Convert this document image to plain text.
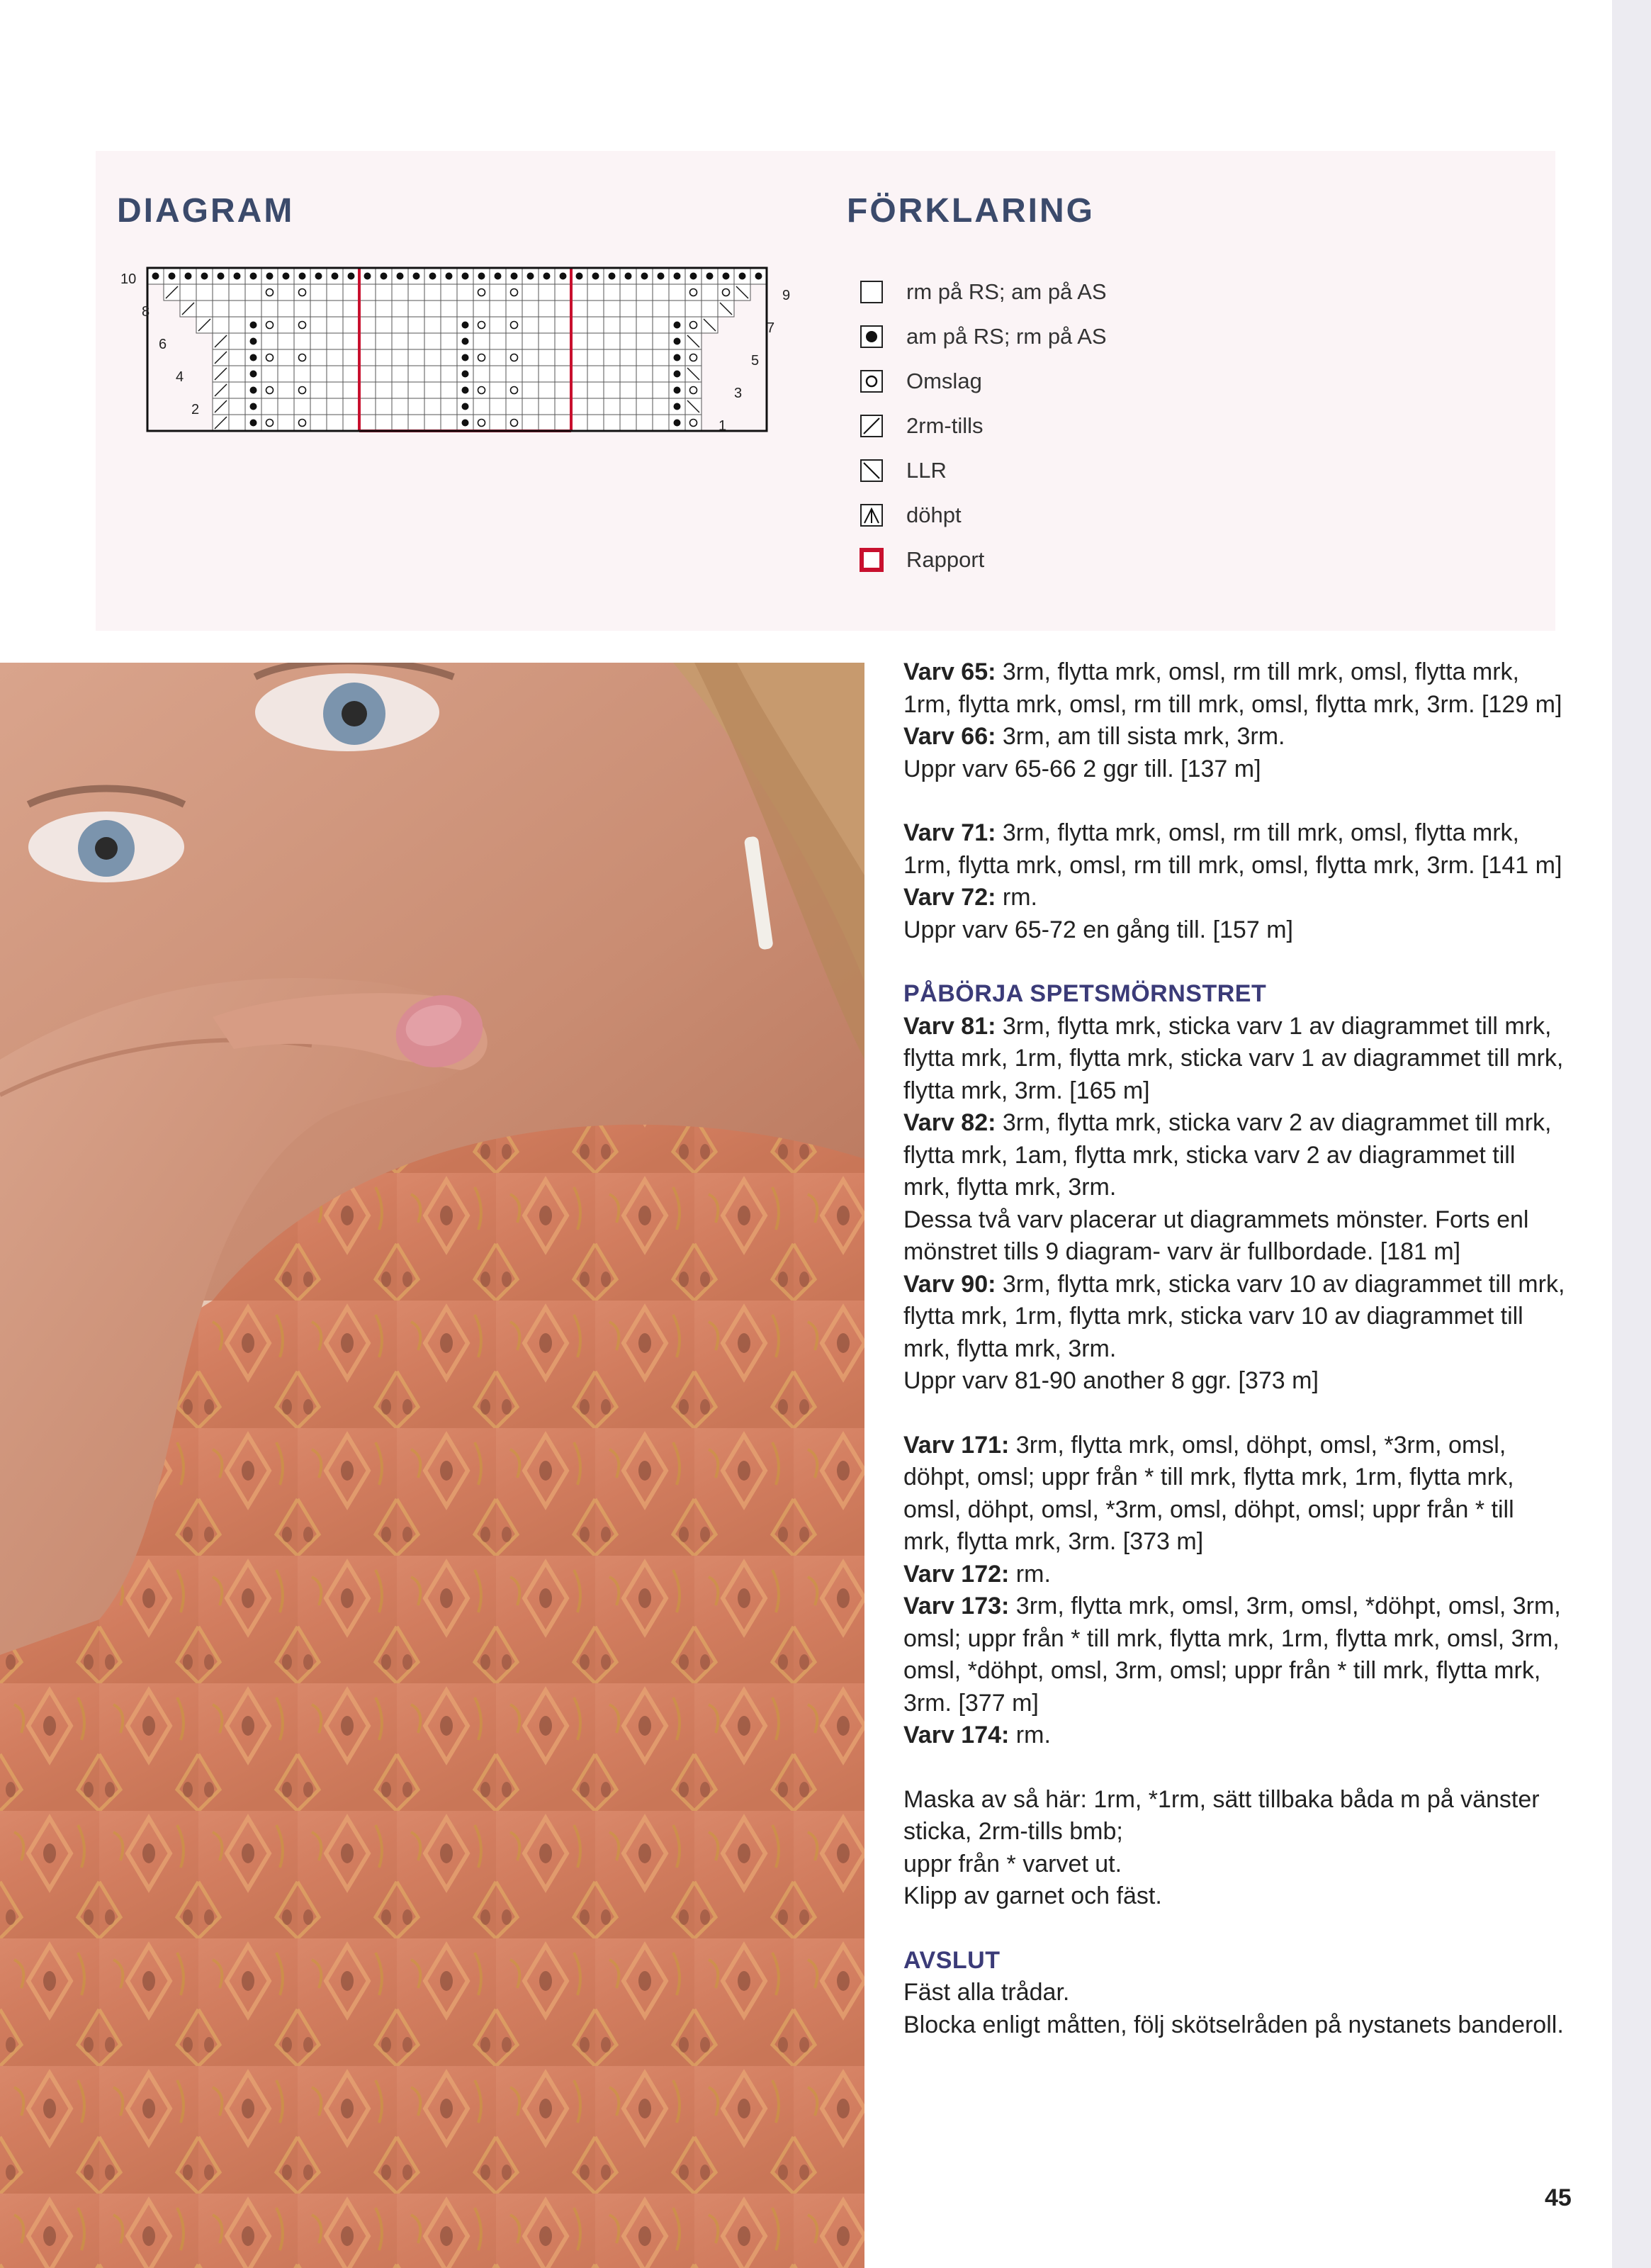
DIAGRAM	FÖRKLARING
10
8
6
4
2
9
7
5
3
1
rm på RS; am på AS
am på RS; rm på AS
Omslag
2rm-tills
LLR
döhpt
Rapport

Varv 65: 3rm, flytta mrk, omsl, rm till mrk, omsl, flytta mrk, 1rm, flytta mrk, omsl, rm till mrk, omsl, flytta mrk, 3rm. [129 m]

Varv 66: 3rm, am till sista mrk, 3rm.

Uppr varv 65-66 2 ggr till. [137 m]

Varv 71: 3rm, flytta mrk, omsl, rm till mrk, omsl, flytta mrk, 1rm, flytta mrk, omsl, rm till mrk, omsl, flytta mrk, 3rm. [141 m]

Varv 72: rm.

Uppr varv 65-72 en gång till. [157 m]

PÅBÖRJA SPETSMÖRNSTRET

Varv 81: 3rm, flytta mrk, sticka varv 1 av diagrammet till mrk, flytta mrk, 1rm, flytta mrk, sticka varv 1 av diagrammet till mrk, flytta mrk, 3rm. [165 m]

Varv 82: 3rm, flytta mrk, sticka varv 2 av diagrammet till mrk, flytta mrk, 1am, flytta mrk, sticka varv 2 av diagrammet till mrk, flytta mrk, 3rm.

Dessa två varv placerar ut diagrammets mönster. Forts enl mönstret tills 9 diagram- varv är fullbordade. [181 m]

Varv 90: 3rm, flytta mrk, sticka varv 10 av diagrammet till mrk, flytta mrk, 1rm, flytta mrk, sticka varv 10 av diagrammet till mrk, flytta mrk, 3rm.

Uppr varv 81-90 another 8 ggr. [373 m]

Varv 171: 3rm, flytta mrk, omsl, döhpt, omsl, *3rm, omsl, döhpt, omsl; uppr från * till mrk, flytta mrk, 1rm, flytta mrk, omsl, döhpt, omsl, *3rm, omsl, döhpt, omsl; uppr från * till mrk, flytta mrk, 3rm. [373 m]

Varv 172: rm.

Varv 173: 3rm, flytta mrk, omsl, 3rm, omsl, *döhpt, omsl, 3rm, omsl; uppr från * till mrk, flytta mrk, 1rm, flytta mrk, omsl, 3rm, omsl, *döhpt, omsl, 3rm, omsl; uppr från * till mrk, flytta mrk, 3rm. [377 m]

Varv 174: rm.

Maska av så här: 1rm, *1rm, sätt tillbaka båda m på vänster sticka, 2rm-tills bmb;

uppr från * varvet ut.

Klipp av garnet och fäst.

AVSLUT

Fäst alla trådar.

Blocka enligt måtten, följ skötselråden på nystanets banderoll.

45
